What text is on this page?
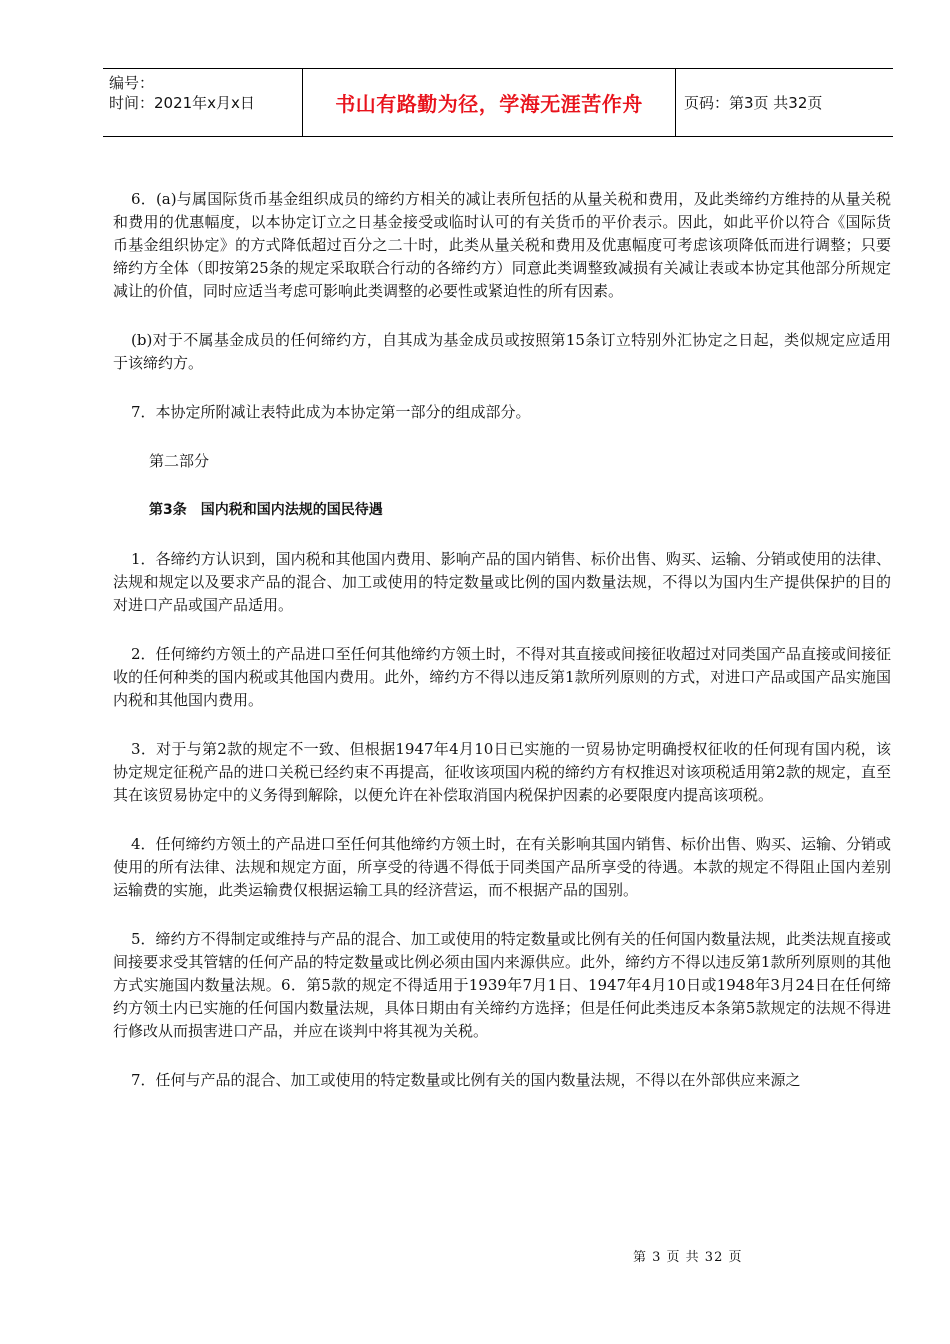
编号：
时间：2021年x月x日	书山有路勤为径，学海无涯苦作舟	页码：第3页 共32页

6．(a)与属国际货币基金组织成员的缔约方相关的减让表所包括的从量关税和费用，及此类缔约方维持的从量关税和费用的优惠幅度，以本协定订立之日基金接受或临时认可的有关货币的平价表示。因此，如此平价以符合《国际货币基金组织协定》的方式降低超过百分之二十时，此类从量关税和费用及优惠幅度可考虑该项降低而进行调整；只要缔约方全体（即按第25条的规定采取联合行动的各缔约方）同意此类调整致减损有关减让表或本协定其他部分所规定减让的价值，同时应适当考虑可影响此类调整的必要性或紧迫性的所有因素。

(b)对于不属基金成员的任何缔约方，自其成为基金成员或按照第15条订立特别外汇协定之日起，类似规定应适用于该缔约方。

7．本协定所附减让表特此成为本协定第一部分的组成部分。

第二部分
第3条　国内税和国内法规的国民待遇

1．各缔约方认识到，国内税和其他国内费用、影响产品的国内销售、标价出售、购买、运输、分销或使用的法律、法规和规定以及要求产品的混合、加工或使用的特定数量或比例的国内数量法规，不得以为国内生产提供保护的目的对进口产品或国产品适用。

2．任何缔约方领土的产品进口至任何其他缔约方领土时，不得对其直接或间接征收超过对同类国产品直接或间接征收的任何种类的国内税或其他国内费用。此外，缔约方不得以违反第1款所列原则的方式，对进口产品或国产品实施国内税和其他国内费用。

3．对于与第2款的规定不一致、但根据1947年4月10日已实施的一贸易协定明确授权征收的任何现有国内税，该协定规定征税产品的进口关税已经约束不再提高，征收该项国内税的缔约方有权推迟对该项税适用第2款的规定，直至其在该贸易协定中的义务得到解除，以便允许在补偿取消国内税保护因素的必要限度内提高该项税。

4．任何缔约方领土的产品进口至任何其他缔约方领土时，在有关影响其国内销售、标价出售、购买、运输、分销或使用的所有法律、法规和规定方面，所享受的待遇不得低于同类国产品所享受的待遇。本款的规定不得阻止国内差别运输费的实施，此类运输费仅根据运输工具的经济营运，而不根据产品的国别。

5．缔约方不得制定或维持与产品的混合、加工或使用的特定数量或比例有关的任何国内数量法规，此类法规直接或间接要求受其管辖的任何产品的特定数量或比例必须由国内来源供应。此外，缔约方不得以违反第1款所列原则的其他方式实施国内数量法规。6．第5款的规定不得适用于1939年7月1日、1947年4月10日或1948年3月24日在任何缔约方领土内已实施的任何国内数量法规，具体日期由有关缔约方选择；但是任何此类违反本条第5款规定的法规不得进行修改从而损害进口产品，并应在谈判中将其视为关税。

7．任何与产品的混合、加工或使用的特定数量或比例有关的国内数量法规，不得以在外部供应来源之

第 3 页 共 32 页
